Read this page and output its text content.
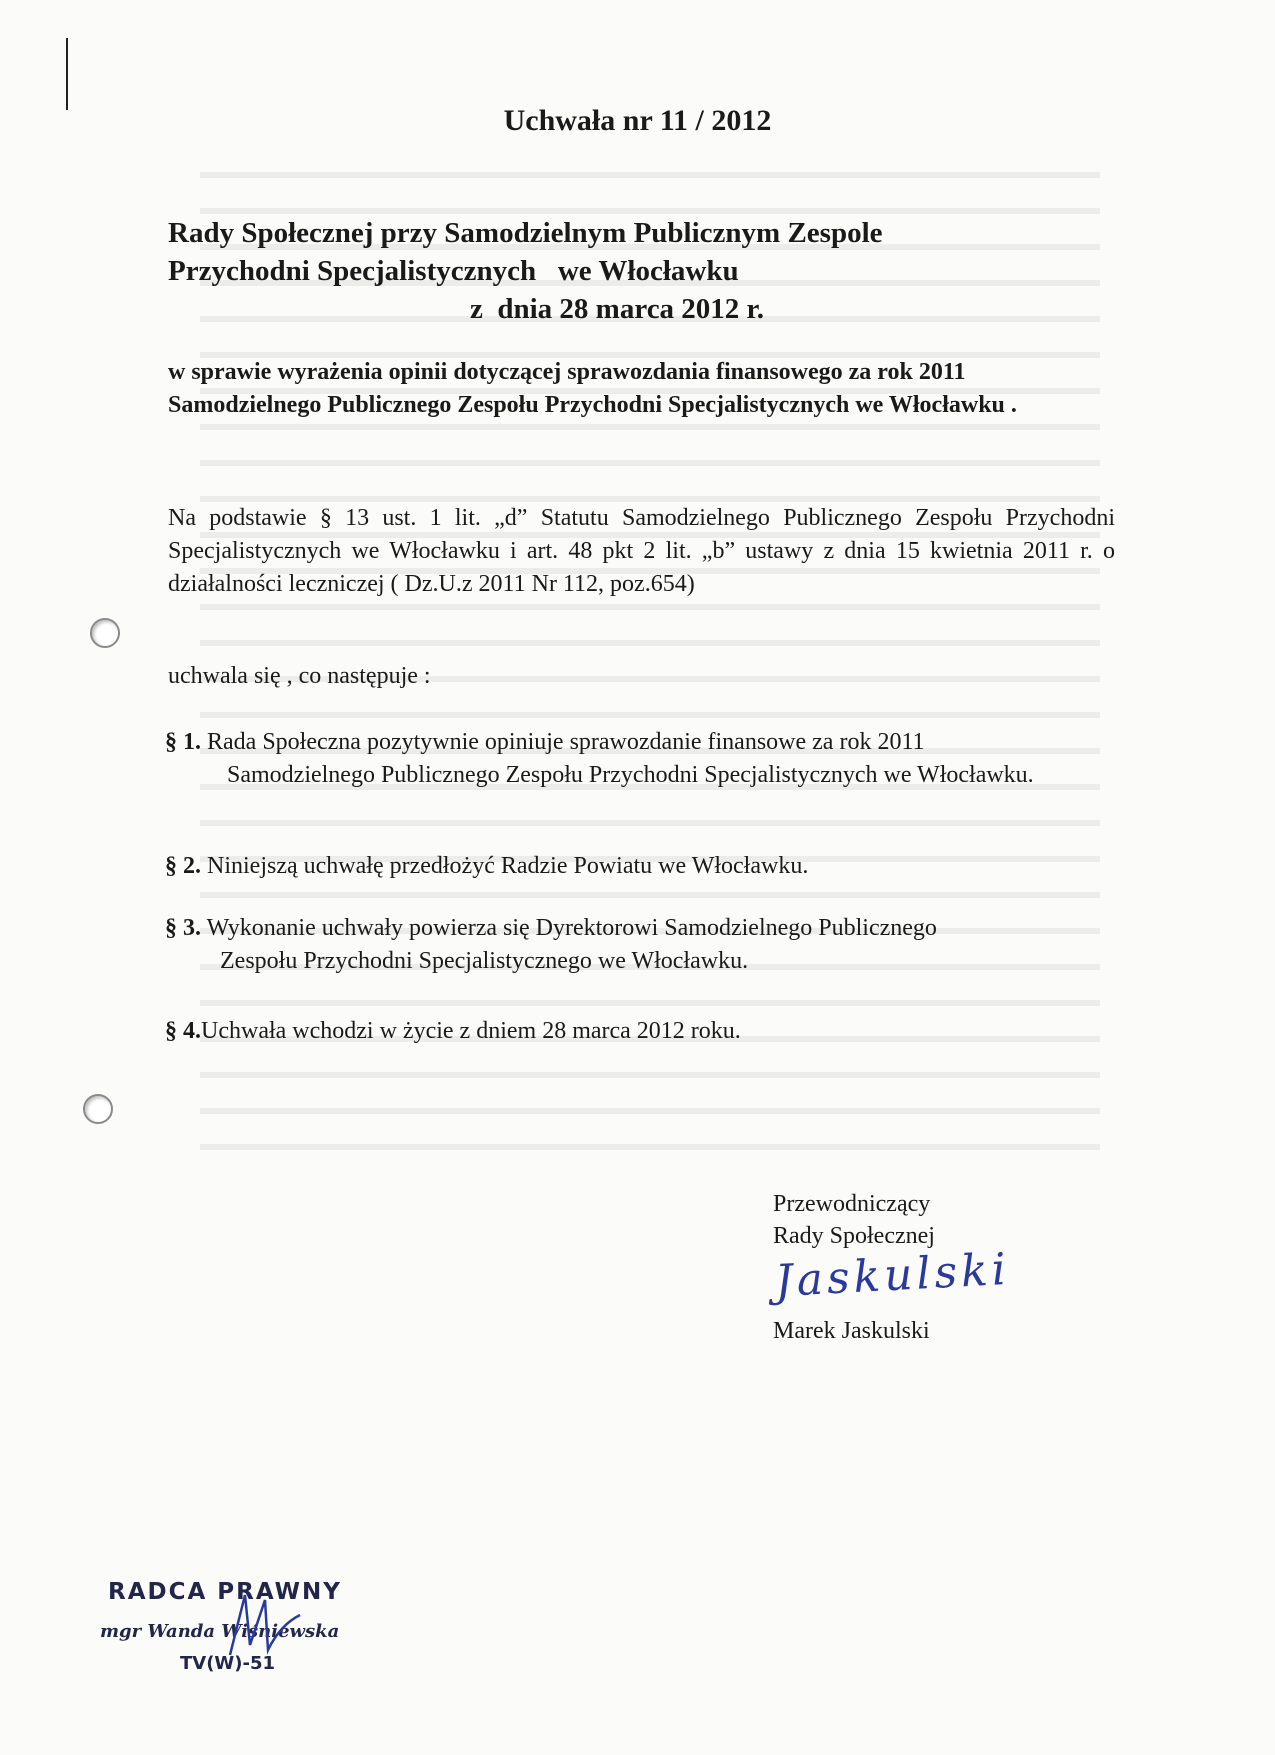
Uchwała nr 11 / 2012
Rady Społecznej przy Samodzielnym Publicznym Zespole
Przychodni Specjalistycznych   we Włocławku
z  dnia 28 marca 2012 r.
w sprawie wyrażenia opinii dotyczącej sprawozdania finansowego za rok 2011 Samodzielnego Publicznego Zespołu Przychodni Specjalistycznych we Włocławku .
Na podstawie § 13 ust. 1 lit. „d” Statutu Samodzielnego Publicznego Zespołu Przychodni Specjalistycznych we Włocławku i art. 48 pkt 2 lit. „b” ustawy z dnia 15 kwietnia 2011 r. o działalności leczniczej ( Dz.U.z 2011 Nr 112, poz.654)
uchwala się , co następuje :
§ 1. Rada Społeczna pozytywnie opiniuje sprawozdanie finansowe za rok 2011
Samodzielnego Publicznego Zespołu Przychodni Specjalistycznych we Włocławku.
§ 2. Niniejszą uchwałę przedłożyć Radzie Powiatu we Włocławku.
§ 3. Wykonanie uchwały powierza się Dyrektorowi Samodzielnego Publicznego
Zespołu Przychodni Specjalistycznego we Włocławku.
§ 4.Uchwała wchodzi w życie z dniem 28 marca 2012 roku.
Przewodniczący
Rady Społecznej
Jaskulski
Marek Jaskulski
RADCA PRAWNY
mgr Wanda Wiśniewska
TV(W)-51
